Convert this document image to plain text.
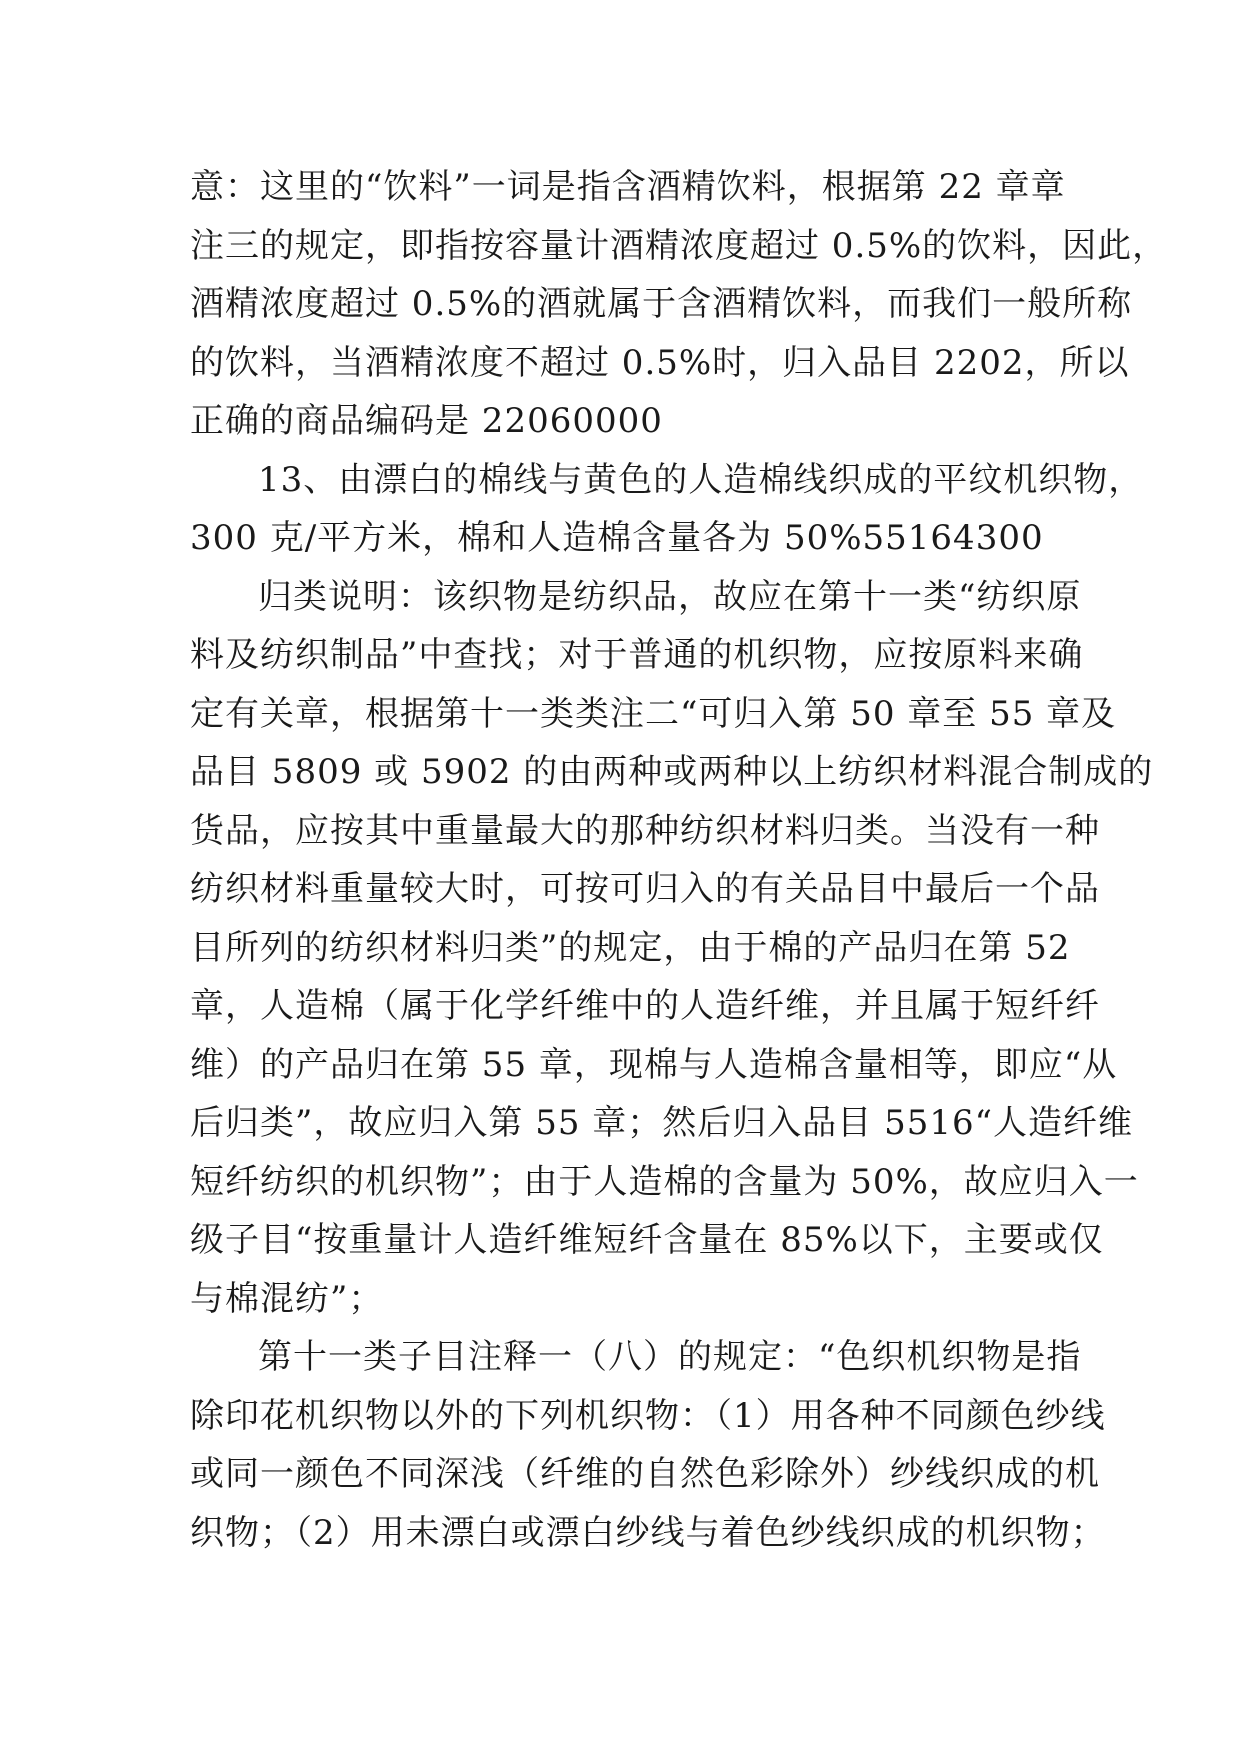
意：这里的“饮料”一词是指含酒精饮料，根据第 22 章章
注三的规定，即指按容量计酒精浓度超过 0.5%的饮料，因此，
酒精浓度超过 0.5%的酒就属于含酒精饮料，而我们一般所称
的饮料，当酒精浓度不超过 0.5%时，归入品目 2202，所以
正确的商品编码是 22060000
13、由漂白的棉线与黄色的人造棉线织成的平纹机织物，
300 克/平方米，棉和人造棉含量各为 50%55164300
归类说明：该织物是纺织品，故应在第十一类“纺织原
料及纺织制品”中查找；对于普通的机织物，应按原料来确
定有关章，根据第十一类类注二“可归入第 50 章至 55 章及
品目 5809 或 5902 的由两种或两种以上纺织材料混合制成的
货品，应按其中重量最大的那种纺织材料归类。当没有一种
纺织材料重量较大时，可按可归入的有关品目中最后一个品
目所列的纺织材料归类”的规定，由于棉的产品归在第 52
章，人造棉（属于化学纤维中的人造纤维，并且属于短纤纤
维）的产品归在第 55 章，现棉与人造棉含量相等，即应“从
后归类”，故应归入第 55 章；然后归入品目 5516“人造纤维
短纤纺织的机织物”；由于人造棉的含量为 50%，故应归入一
级子目“按重量计人造纤维短纤含量在 85%以下，主要或仅
与棉混纺”；
第十一类子目注释一（八）的规定：“色织机织物是指
除印花机织物以外的下列机织物：（1）用各种不同颜色纱线
或同一颜色不同深浅（纤维的自然色彩除外）纱线织成的机
织物；（2）用未漂白或漂白纱线与着色纱线织成的机织物；
